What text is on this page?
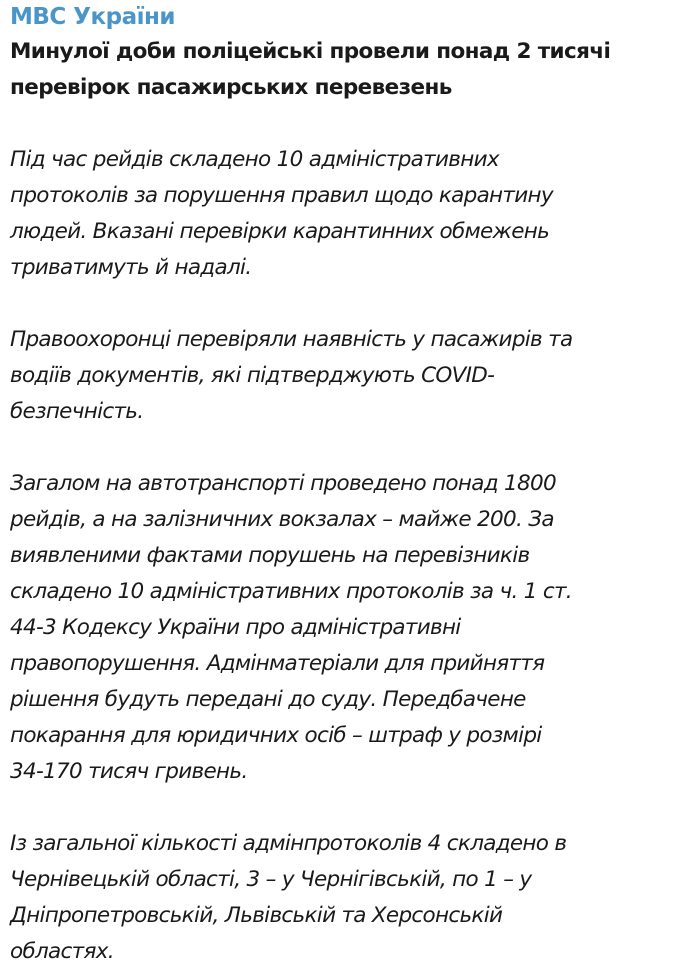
МВС України
Минулої доби поліцейські провели понад 2 тисячі
перевірок пасажирських перевезень
Під час рейдів складено 10 адміністративних
протоколів за порушення правил щодо карантину
людей. Вказані перевірки карантинних обмежень
триватимуть й надалі.
Правоохоронці перевіряли наявність у пасажирів та
водіїв документів, які підтверджують COVID-
безпечність.
Загалом на автотранспорті проведено понад 1800
рейдів, а на залізничних вокзалах – майже 200. За
виявленими фактами порушень на перевізників
складено 10 адміністративних протоколів за ч. 1 ст.
44-3 Кодексу України про адміністративні
правопорушення. Адмінматеріали для прийняття
рішення будуть передані до суду. Передбачене
покарання для юридичних осіб – штраф у розмірі
34-170 тисяч гривень.
Із загальної кількості адмінпротоколів 4 складено в
Чернівецькій області, 3 – у Чернігівській, по 1 – у
Дніпропетровській, Львівській та Херсонській
областях.
